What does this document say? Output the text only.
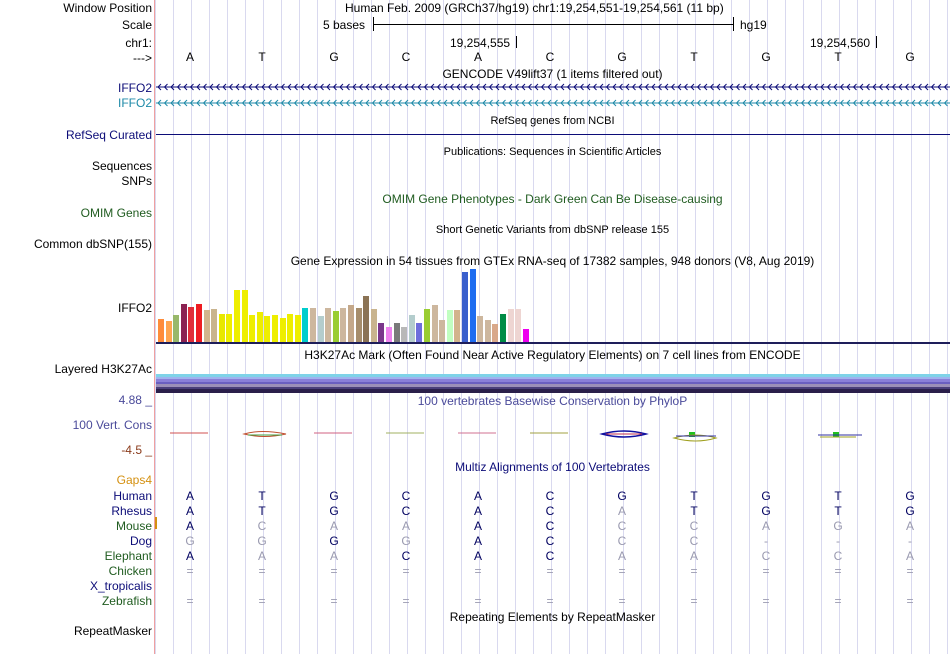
Window Position	Human Feb. 2009 (GRCh37/hg19) chr1:19,254,551-19,254,561 (11 bp)
Scale	5 bases	hg19
chr1:	19,254,555	19,254,560
--->	A	T	G	C	A	C	G	T	G	T	G
GENCODE V49lift37 (1 items filtered out)
IFFO2
IFFO2
RefSeq genes from NCBI
RefSeq Curated
Publications: Sequences in Scientific Articles
Sequences
SNPs
OMIM Gene Phenotypes - Dark Green Can Be Disease-causing
OMIM Genes
Short Genetic Variants from dbSNP release 155
Common dbSNP(155)
Gene Expression in 54 tissues from GTEx RNA-seq of 17382 samples, 948 donors (V8, Aug 2019)
IFFO2
H3K27Ac Mark (Often Found Near Active Regulatory Elements) on 7 cell lines from ENCODE
Layered H3K27Ac
4.88 _	100 vertebrates Basewise Conservation by PhyloP
100 Vert. Cons
-4.5 _
Multiz Alignments of 100 Vertebrates
Gaps4
Human	A	T	G	C	A	C	G	T	G	T	G
Rhesus	A	T	G	C	A	C	A	T	G	T	G
Mouse	A	C	A	A	A	C	C	C	A	G	A
Dog	G	G	G	G	A	C	C	C	-	-	-
Elephant	A	A	A	C	A	C	A	A	C	C	A
Chicken	=	=	=	=	=	=	=	=	=	=	=
X_tropicalis
Zebrafish	=	=	=	=	=	=	=	=	=	=	=
Repeating Elements by RepeatMasker
RepeatMasker
